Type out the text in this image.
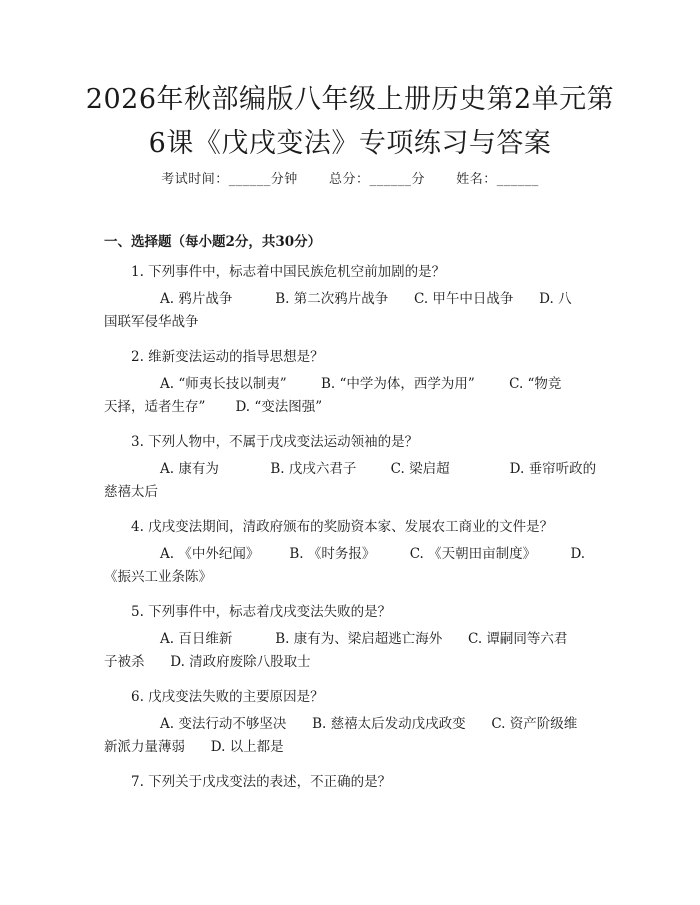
2026年秋部编版八年级上册历史第2单元第
6课《戊戌变法》专项练习与答案
考试时间：______分钟 总分：______分 姓名：______
一、选择题（每小题2分，共30分）
1. 下列事件中，标志着中国民族危机空前加剧的是？
A. 鸦片战争          B. 第二次鸦片战争      C. 甲午中日战争      D. 八
国联军侵华战争
2. 维新变法运动的指导思想是？
A. “师夷长技以制夷”        B. “中学为体，西学为用”        C. “物竞
天择，适者生存”       D. “变法图强”
3. 下列人物中，不属于戊戌变法运动领袖的是？
A. 康有为            B. 戊戌六君子        C. 梁启超              D. 垂帘听政的
慈禧太后
4. 戊戌变法期间，清政府颁布的奖励资本家、发展农工商业的文件是？
A. 《中外纪闻》       B. 《时务报》        C. 《天朝田亩制度》        D.
《振兴工业条陈》
5. 下列事件中，标志着戊戌变法失败的是？
A. 百日维新          B. 康有为、梁启超逃亡海外      C. 谭嗣同等六君
子被杀      D. 清政府废除八股取士
6. 戊戌变法失败的主要原因是？
A. 变法行动不够坚决      B. 慈禧太后发动戊戌政变      C. 资产阶级维
新派力量薄弱      D. 以上都是
7. 下列关于戊戌变法的表述，不正确的是？
